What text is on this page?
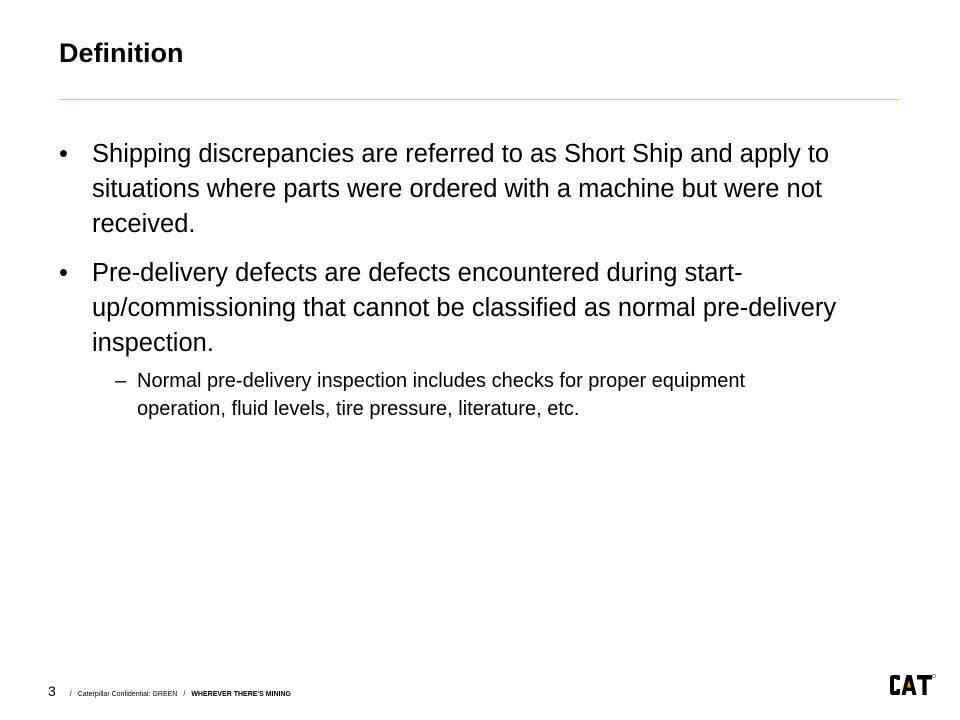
Definition

• Shipping discrepancies are referred to as Short Ship and apply to situations where parts were ordered with a machine but were not received.

• Pre-delivery defects are defects encountered during start-up/commissioning that cannot be classified as normal pre-delivery inspection.

– Normal pre-delivery inspection includes checks for proper equipment operation, fluid levels, tire pressure, literature, etc.

3 / Caterpillar Confidential: GREEN / WHEREVER THERE'S MINING
